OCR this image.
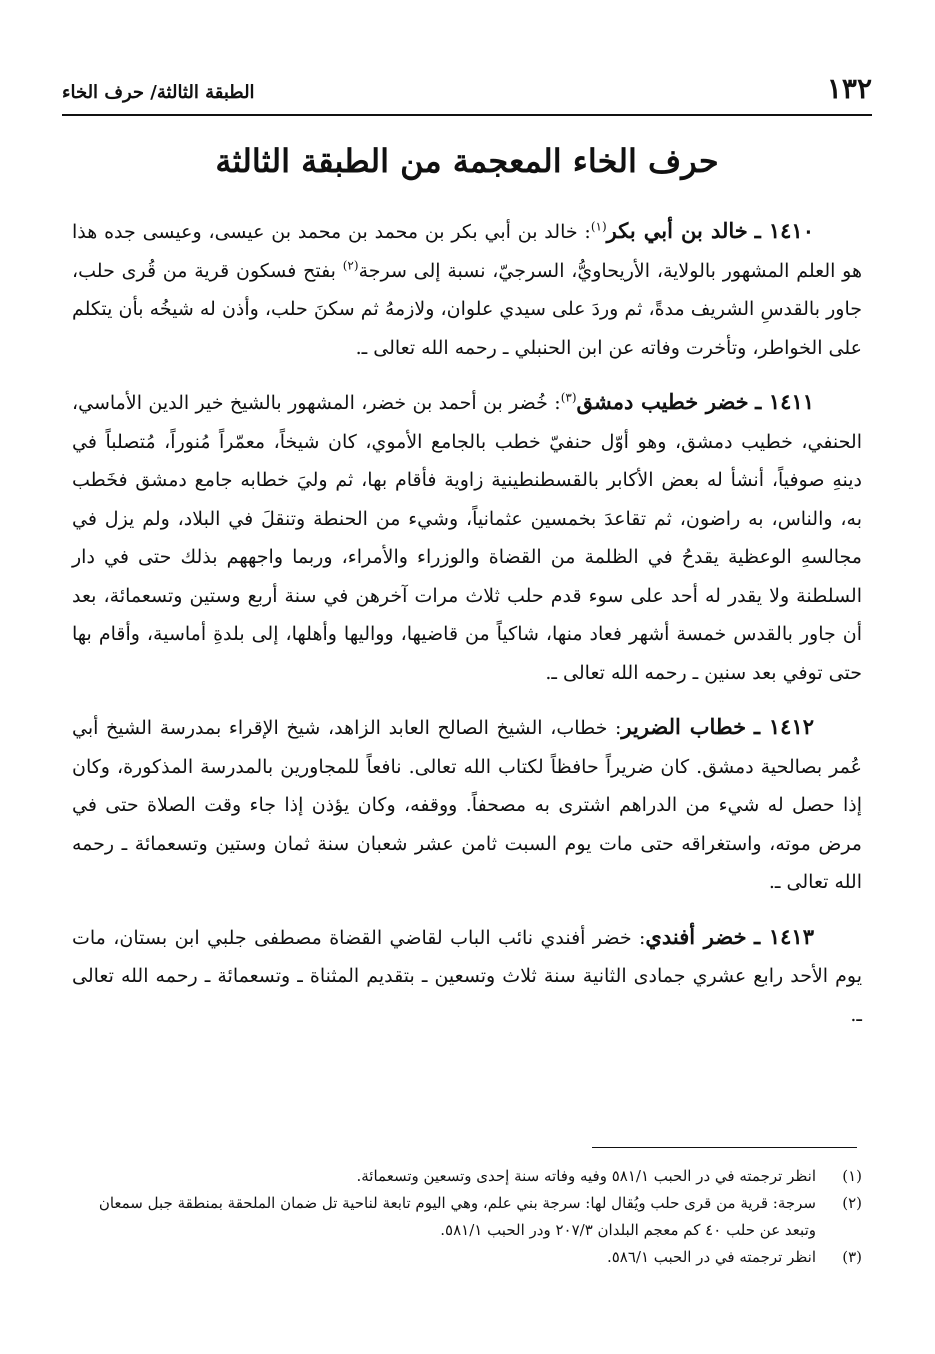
١٣٢
الطبقة الثالثة/ حرف الخاء
حرف الخاء المعجمة من الطبقة الثالثة

١٤١٠ ـ خالد بن أبي بكر$^{(١)}$: خالد بن أبي بكر بن محمد بن محمد بن عيسى، وعيسى جده هذا هو العلم المشهور بالولاية، الأريحاويُّ، السرجيّ، نسبة إلى سرجة$^{(٢)}$ بفتح فسكون قرية من قُرى حلب، جاور بالقدسِ الشريف مدةً، ثم وردَ على سيدي علوان، ولازمهُ ثم سكنَ حلب، وأذن له شيخُه بأن يتكلم على الخواطر، وتأخرت وفاته عن ابن الحنبلي ـ رحمه الله تعالى ـ.

١٤١١ ـ خضر خطيب دمشق$^{(٣)}$: خُضر بن أحمد بن خضر، المشهور بالشيخ خير الدين الأماسي، الحنفي، خطيب دمشق، وهو أوّل حنفيّ خطب بالجامع الأموي، كان شيخاً، معمّراً مُنوراً، مُتصلباً في دينهِ صوفياً، أنشأ له بعض الأكابر بالقسطنطينية زاوية فأقام بها، ثم وليَ خطابه جامع دمشق فخَطب به، والناس، به راضون، ثم تقاعدَ بخمسين عثمانياً، وشيء من الحنطة وتنقلَ في البلاد، ولم يزل في مجالسهِ الوعظية يقدحُ في الظلمة من القضاة والوزراء والأمراء، وربما واجههم بذلك حتى في دار السلطنة ولا يقدر له أحد على سوء قدم حلب ثلاث مرات آخرهن في سنة أربع وستين وتسعمائة، بعد أن جاور بالقدس خمسة أشهر فعاد منها، شاكياً من قاضيها، وواليها وأهلها، إلى بلدةِ أماسية، وأقام بها حتى توفي بعد سنين ـ رحمه الله تعالى ـ.

١٤١٢ ـ خطاب الضرير: خطاب، الشيخ الصالح العابد الزاهد، شيخ الإقراء بمدرسة الشيخ أبي عُمر بصالحية دمشق. كان ضريراً حافظاً لكتاب الله تعالى. نافعاً للمجاورين بالمدرسة المذكورة، وكان إذا حصل له شيء من الدراهم اشترى به مصحفاً. ووقفه، وكان يؤذن إذا جاء وقت الصلاة حتى في مرض موته، واستغراقه حتى مات يوم السبت ثامن عشر شعبان سنة ثمان وستين وتسعمائة ـ رحمه الله تعالى ـ.

١٤١٣ ـ خضر أفندي: خضر أفندي نائب الباب لقاضي القضاة مصطفى جلبي ابن بستان، مات يوم الأحد رابع عشري جمادى الثانية سنة ثلاث وتسعين ـ بتقديم المثناة ـ وتسعمائة ـ رحمه الله تعالى ـ.

(١)
انظر ترجمته في در الحبب ٥٨١/١ وفيه وفاته سنة إحدى وتسعين وتسعمائة.
(٢)
سرجة: قرية من قرى حلب ويُقال لها: سرجة بني علم، وهي اليوم تابعة لناحية تل ضمان الملحقة بمنطقة جبل سمعان وتبعد عن حلب ٤٠ كم معجم البلدان ٢٠٧/٣ ودر الحبب ٥٨١/١.
(٣)
انظر ترجمته في در الحبب ٥٨٦/١.
